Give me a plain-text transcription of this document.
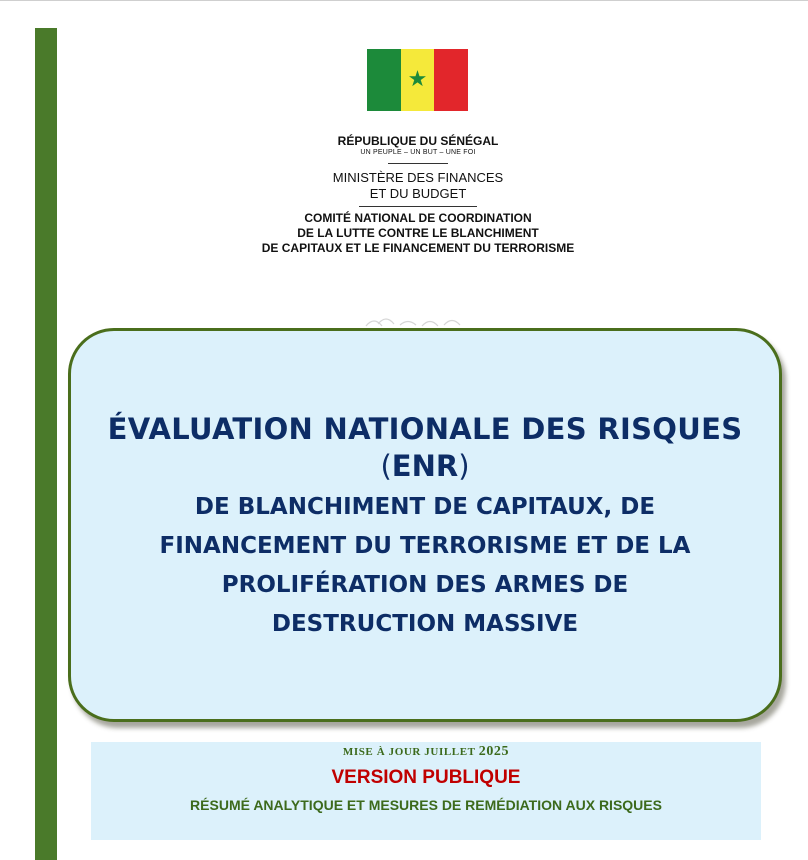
★
RÉPUBLIQUE DU SÉNÉGAL
UN PEUPLE – UN BUT – UNE FOI
MINISTÈRE DES FINANCES
ET DU BUDGET
COMITÉ NATIONAL DE COORDINATION
DE LA LUTTE CONTRE LE BLANCHIMENT
DE CAPITAUX ET LE FINANCEMENT DU TERRORISME
ÉVALUATION NATIONALE DES RISQUES
(ENR)
DE BLANCHIMENT DE CAPITAUX, DE
FINANCEMENT DU TERRORISME ET DE LA
PROLIFÉRATION DES ARMES DE
DESTRUCTION MASSIVE
MISE À JOUR JUILLET 2025
VERSION PUBLIQUE
RÉSUMÉ ANALYTIQUE ET MESURES DE REMÉDIATION AUX RISQUES
